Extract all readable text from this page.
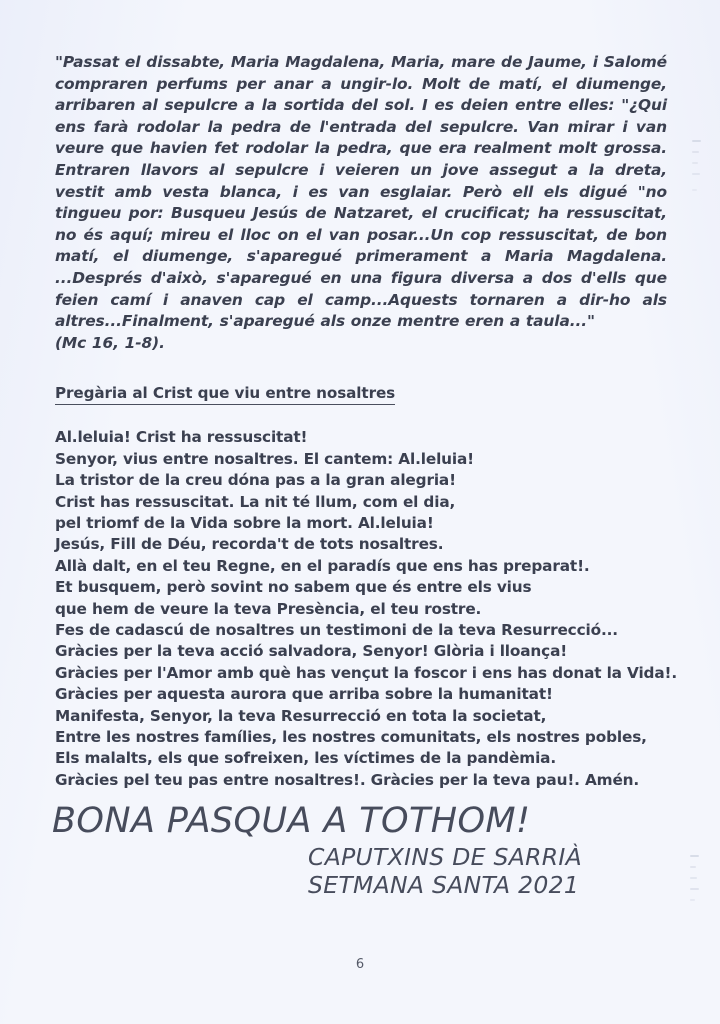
"Passat el dissabte, Maria Magdalena, Maria, mare de Jaume, i Salomé compraren perfums per anar a ungir-lo. Molt de matí, el diumenge, arribaren al sepulcre a la sortida del sol. I es deien entre elles: "¿Qui ens farà rodolar la pedra de l'entrada del sepulcre. Van mirar i van veure que havien fet rodolar la pedra, que era realment molt grossa. Entraren llavors al sepulcre i veieren un jove assegut a la dreta, vestit amb vesta blanca, i es van esglaiar. Però ell els digué "no tingueu por: Busqueu Jesús de Natzaret, el crucificat; ha ressuscitat, no és aquí; mireu el lloc on el van posar...Un cop ressuscitat, de bon matí, el diumenge, s'aparegué primerament a Maria Magdalena. ...Després d'això, s'aparegué en una figura diversa a dos d'ells que feien camí i anaven cap el camp...Aquests tornaren a dir-ho als altres...Finalment, s'aparegué als onze mentre eren a taula..."
(Mc 16, 1-8).

Pregària al Crist que viu entre nosaltres
Al.leluia! Crist ha ressuscitat!
Senyor, vius entre nosaltres. El cantem: Al.leluia!
La tristor de la creu dóna pas a la gran alegria!
Crist has ressuscitat. La nit té llum, com el dia,
pel triomf de la Vida sobre la mort. Al.leluia!
Jesús, Fill de Déu, recorda't de tots nosaltres.
Allà dalt, en el teu Regne, en el paradís que ens has preparat!.
Et busquem, però sovint no sabem que és entre els vius
que hem de veure la teva Presència, el teu rostre.
Fes de cadascú de nosaltres un testimoni de la teva Resurrecció...
Gràcies per la teva acció salvadora, Senyor! Glòria i lloança!
Gràcies per l'Amor amb què has vençut la foscor i ens has donat la Vida!.
Gràcies per aquesta aurora que arriba sobre la humanitat!
Manifesta, Senyor, la teva Resurrecció en tota la societat,
Entre les nostres famílies, les nostres comunitats, els nostres pobles,
Els malalts, els que sofreixen, les víctimes de la pandèmia.
Gràcies pel teu pas entre nosaltres!. Gràcies per la teva pau!. Amén.
BONA PASQUA A TOTHOM!
CAPUTXINS DE SARRIÀ
SETMANA SANTA 2021
6
